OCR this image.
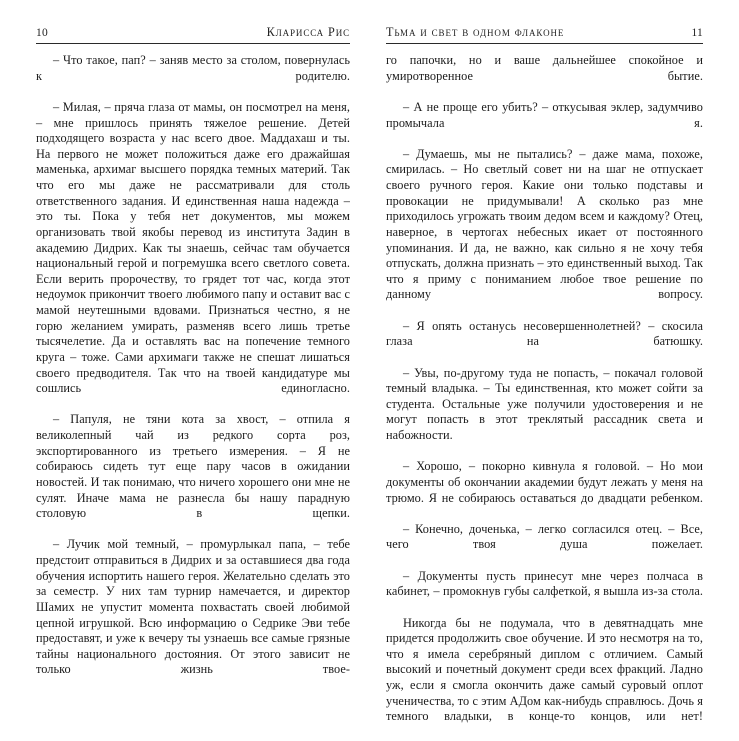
10	Кларисса Рис

– Что такое, пап? – заняв место за столом, повернулась к родителю.

– Милая, – пряча глаза от мамы, он посмотрел на меня, – мне пришлось принять тяжелое решение. Детей подходящего возраста у нас всего двое. Маддахаш и ты. На первого не может положиться даже его дражайшая маменька, архимаг высшего порядка темных материй. Так что его мы даже не рассматривали для столь ответственного задания. И единственная наша надежда – это ты. Пока у тебя нет документов, мы можем организовать твой якобы перевод из института Задин в академию Дидрих. Как ты знаешь, сейчас там обучается национальный герой и погремушка всего светлого совета. Если верить пророчеству, то грядет тот час, когда этот недоумок прикончит твоего любимого папу и оставит вас с мамой неутешными вдовами. Признаться честно, я не горю желанием умирать, разменяв всего лишь третье тысячелетие. Да и оставлять вас на попечение темного круга – тоже. Сами архимаги также не спешат лишаться своего предводителя. Так что на твоей кандидатуре мы сошлись единогласно.

– Папуля, не тяни кота за хвост, – отпила я великолепный чай из редкого сорта роз, экспортированного из третьего измерения. – Я не собираюсь сидеть тут еще пару часов в ожидании новостей. И так понимаю, что ничего хорошего они мне не сулят. Иначе мама не разнесла бы нашу парадную столовую в щепки.

– Лучик мой темный, – промурлыкал папа, – тебе предстоит отправиться в Дидрих и за оставшиеся два года обучения испортить нашего героя. Желательно сделать это за семестр. У них там турнир намечается, и директор Шамих не упустит момента похвастать своей любимой цепной игрушкой. Всю информацию о Седрике Эви тебе предоставят, и уже к вечеру ты узнаешь все самые грязные тайны национального достояния. От этого зависит не только жизнь твое-

Тьма и свет в одном флаконе	11

го папочки, но и ваше дальнейшее спокойное и умиротворенное бытие.

– А не проще его убить? – откусывая эклер, задумчиво промычала я.

– Думаешь, мы не пытались? – даже мама, похоже, смирилась. – Но светлый совет ни на шаг не отпускает своего ручного героя. Какие они только подставы и провокации не придумывали! А сколько раз мне приходилось угрожать твоим дедом всем и каждому? Отец, наверное, в чертогах небесных икает от постоянного упоминания. И да, не важно, как сильно я не хочу тебя отпускать, должна признать – это единственный выход. Так что я приму с пониманием любое твое решение по данному вопросу.

– Я опять останусь несовершеннолетней? – скосила глаза на батюшку.

– Увы, по-другому туда не попасть, – покачал головой темный владыка. – Ты единственная, кто может сойти за студента. Остальные уже получили удостоверения и не могут попасть в этот треклятый рассадник света и набожности.

– Хорошо, – покорно кивнула я головой. – Но мои документы об окончании академии будут лежать у меня на трюмо. Я не собираюсь оставаться до двадцати ребенком.

– Конечно, доченька, – легко согласился отец. – Все, чего твоя душа пожелает.

– Документы пусть принесут мне через полчаса в кабинет, – промокнув губы салфеткой, я вышла из-за стола.

Никогда бы не подумала, что в девятнадцать мне придется продолжить свое обучение. И это несмотря на то, что я имела серебряный диплом с отличием. Самый высокий и почетный документ среди всех фракций. Ладно уж, если я смогла окончить даже самый суровый оплот ученичества, то с этим АДом как-нибудь справлюсь. Дочь я темного владыки, в конце-то концов, или нет!
